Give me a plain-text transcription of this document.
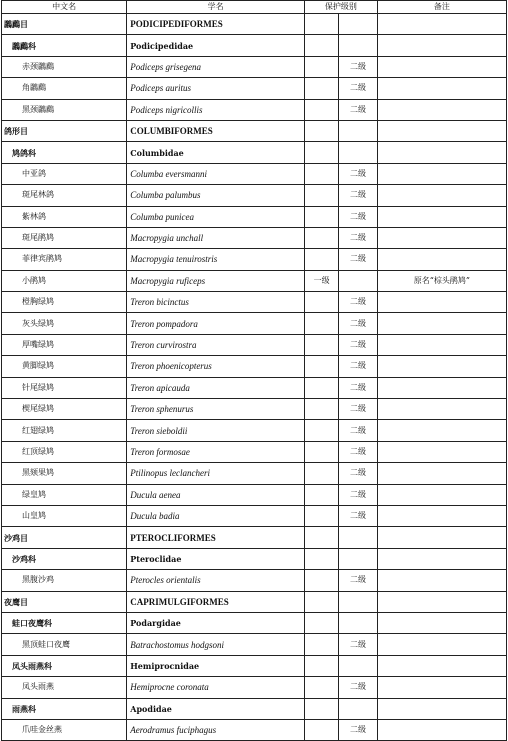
中文名	学名	保护级别		备注
鸊鷉目	PODICIPEDIFORMES			
鸊鷉科	Podicipedidae			
赤颈鸊鷉	Podiceps grisegena		二级	
角鸊鷉	Podiceps auritus		二级	
黑颈鸊鷉	Podiceps nigricollis		二级	
鸽形目	COLUMBIFORMES			
鸠鸽科	Columbidae			
中亚鸽	Columba eversmanni		二级	
斑尾林鸽	Columba palumbus		二级	
紫林鸽	Columba punicea		二级	
斑尾鹃鸠	Macropygia unchall		二级	
菲律宾鹃鸠	Macropygia tenuirostris		二级	
小鹃鸠	Macropygia ruficeps	一级		原名“棕头鹃鸠”
橙胸绿鸠	Treron bicinctus		二级	
灰头绿鸠	Treron pompadora		二级	
厚嘴绿鸠	Treron curvirostra		二级	
黄脚绿鸠	Treron phoenicopterus		二级	
针尾绿鸠	Treron apicauda		二级	
楔尾绿鸠	Treron sphenurus		二级	
红翅绿鸠	Treron sieboldii		二级	
红顶绿鸠	Treron formosae		二级	
黑颏果鸠	Ptilinopus leclancheri		二级	
绿皇鸠	Ducula aenea		二级	
山皇鸠	Ducula badia		二级	
沙鸡目	PTEROCLIFORMES			
沙鸡科	Pteroclidae			
黑腹沙鸡	Pterocles orientalis		二级	
夜鹰目	CAPRIMULGIFORMES			
蛙口夜鹰科	Podargidae			
黑顶蛙口夜鹰	Batrachostomus hodgsoni		二级	
凤头雨燕科	Hemiprocnidae			
凤头雨燕	Hemiprocne coronata		二级	
雨燕科	Apodidae			
爪哇金丝燕	Aerodramus fuciphagus		二级	
